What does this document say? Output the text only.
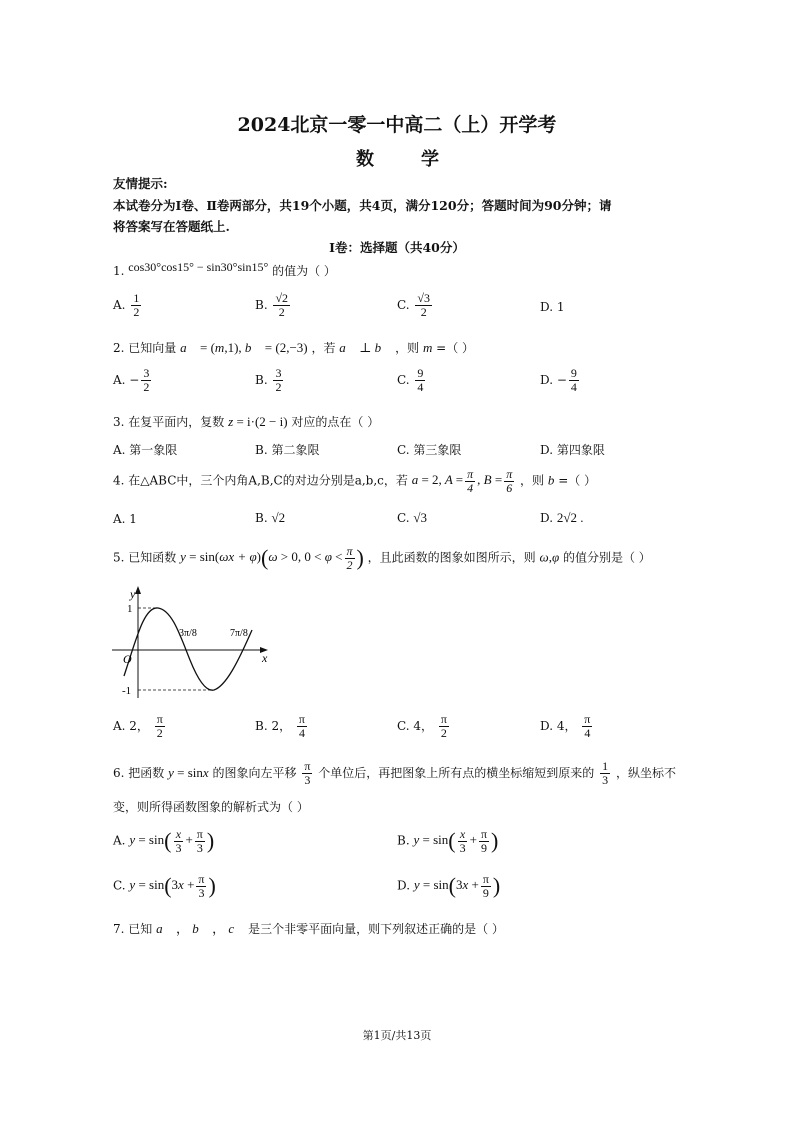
2024北京一零一中高二（上）开学考
数	学
友情提示:
本试卷分为Ⅰ卷、Ⅱ卷两部分，共19个小题，共4页，满分120分；答题时间为90分钟；请
将答案写在答题纸上.
Ⅰ卷：选择题（共40分）
1. cos30°cos15° − sin30°sin15° 的值为（ ）
A. $\frac{1}{2}$	B. $\frac{√2}{2}$	C. $\frac{√3}{2}$	D. 1
2. 已知向量 a⃗ = (m,1), b⃗ = (2,−3) ，若 a⃗ ⊥ b⃗ ，则 m =（ ）
A. − $\frac{3}{2}$	B. $\frac{3}{2}$	C. $\frac{9}{4}$	D. − $\frac{9}{4}$
3. 在复平面内，复数 z = i·(2 − i) 对应的点在（ ）
A. 第一象限	B. 第二象限	C. 第三象限	D. 第四象限
4. 在△ABC中，三个内角A,B,C的对边分别是a,b,c，若 a = 2, $A = \frac{\pi}{4}$ , $B = \frac{\pi}{6}$ ，则 b =（ ）
A. 1	B. √2	C. √3	D. 2√2 .
5. 已知函数 y = sin(ωx + φ)(ω > 0, $0 < \varphi < \frac{\pi}{2}$ ) ，且此函数的图象如图所示，则 ω,φ 的值分别是（ ）
y
x
O
1
-1
3π/8	7π/8
A. 2， $\frac{\pi}{2}$	B. 2， $\frac{\pi}{4}$	C. 4， $\frac{\pi}{2}$	D. 4， $\frac{\pi}{4}$
6. 把函数 y = sinx 的图象向左平移 $\frac{\pi}{3}$ 个单位后，再把图象上所有点的横坐标缩短到原来的 $\frac{1}{3}$ ，纵坐标不
变，则所得函数图象的解析式为（ ）
A. $y = \sin( \frac{x}{3} + \frac{\pi}{3}$ )	B. $y = \sin( \frac{x}{3} + \frac{\pi}{9}$ )
C. $y = \sin(3x + \frac{\pi}{3}$ )	D. $y = \sin(3x + \frac{\pi}{9}$ )
7. 已知 a⃗ ， b⃗ ， c⃗ 是三个非零平面向量，则下列叙述正确的是（ ）
第1页/共13页
